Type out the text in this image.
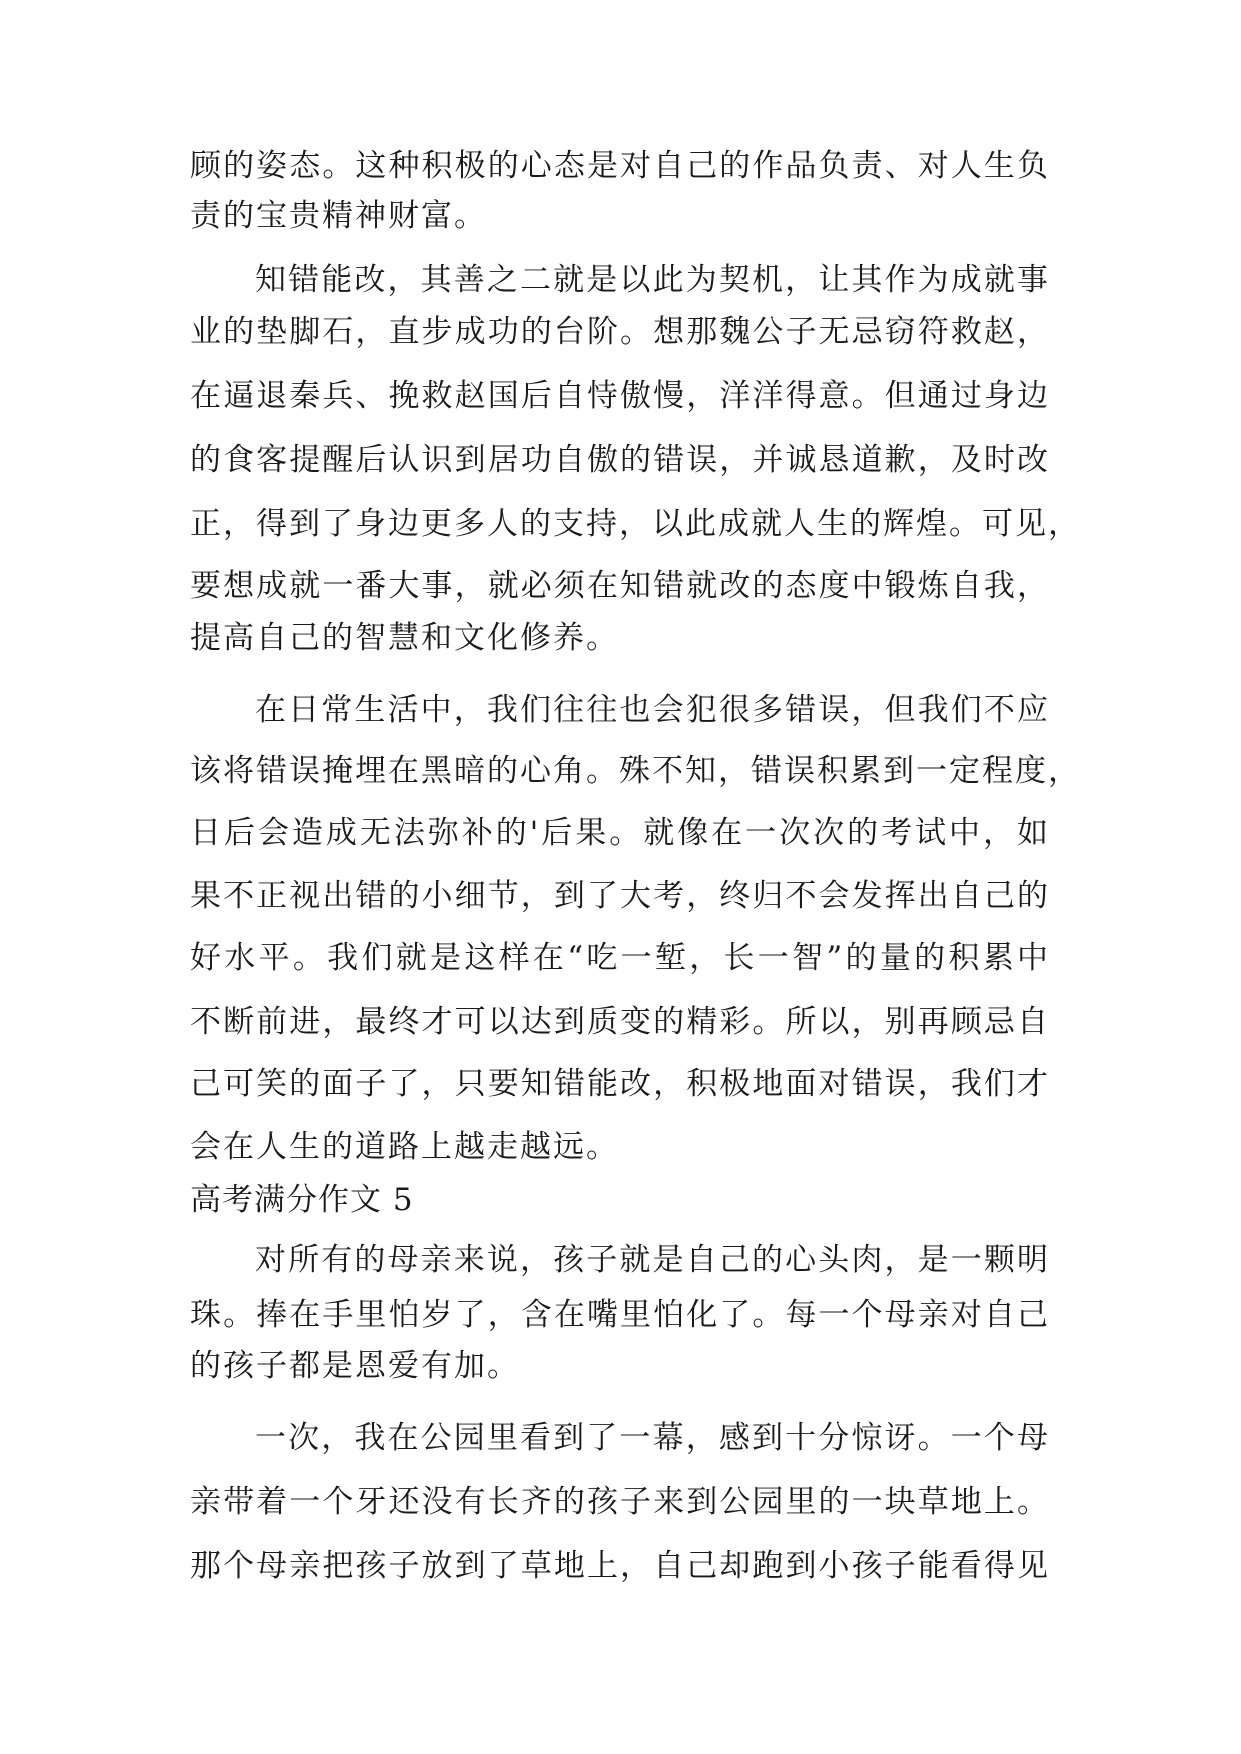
顾的姿态。这种积极的心态是对自己的作品负责、对人生负
责的宝贵精神财富。
知错能改，其善之二就是以此为契机，让其作为成就事
业的垫脚石，直步成功的台阶。想那魏公子无忌窃符救赵，
在逼退秦兵、挽救赵国后自恃傲慢，洋洋得意。但通过身边
的食客提醒后认识到居功自傲的错误，并诚恳道歉，及时改
正，得到了身边更多人的支持，以此成就人生的辉煌。可见，
要想成就一番大事，就必须在知错就改的态度中锻炼自我，
提高自己的智慧和文化修养。
在日常生活中，我们往往也会犯很多错误，但我们不应
该将错误掩埋在黑暗的心角。殊不知，错误积累到一定程度，
日后会造成无法弥补的'后果。就像在一次次的考试中，如
果不正视出错的小细节，到了大考，终归不会发挥出自己的
好水平。我们就是这样在“吃一堑，长一智”的量的积累中
不断前进，最终才可以达到质变的精彩。所以，别再顾忌自
己可笑的面子了，只要知错能改，积极地面对错误，我们才
会在人生的道路上越走越远。
高考满分作文 5
对所有的母亲来说，孩子就是自己的心头肉，是一颗明
珠。捧在手里怕岁了，含在嘴里怕化了。每一个母亲对自己
的孩子都是恩爱有加。
一次，我在公园里看到了一幕，感到十分惊讶。一个母
亲带着一个牙还没有长齐的孩子来到公园里的一块草地上。
那个母亲把孩子放到了草地上，自己却跑到小孩子能看得见
